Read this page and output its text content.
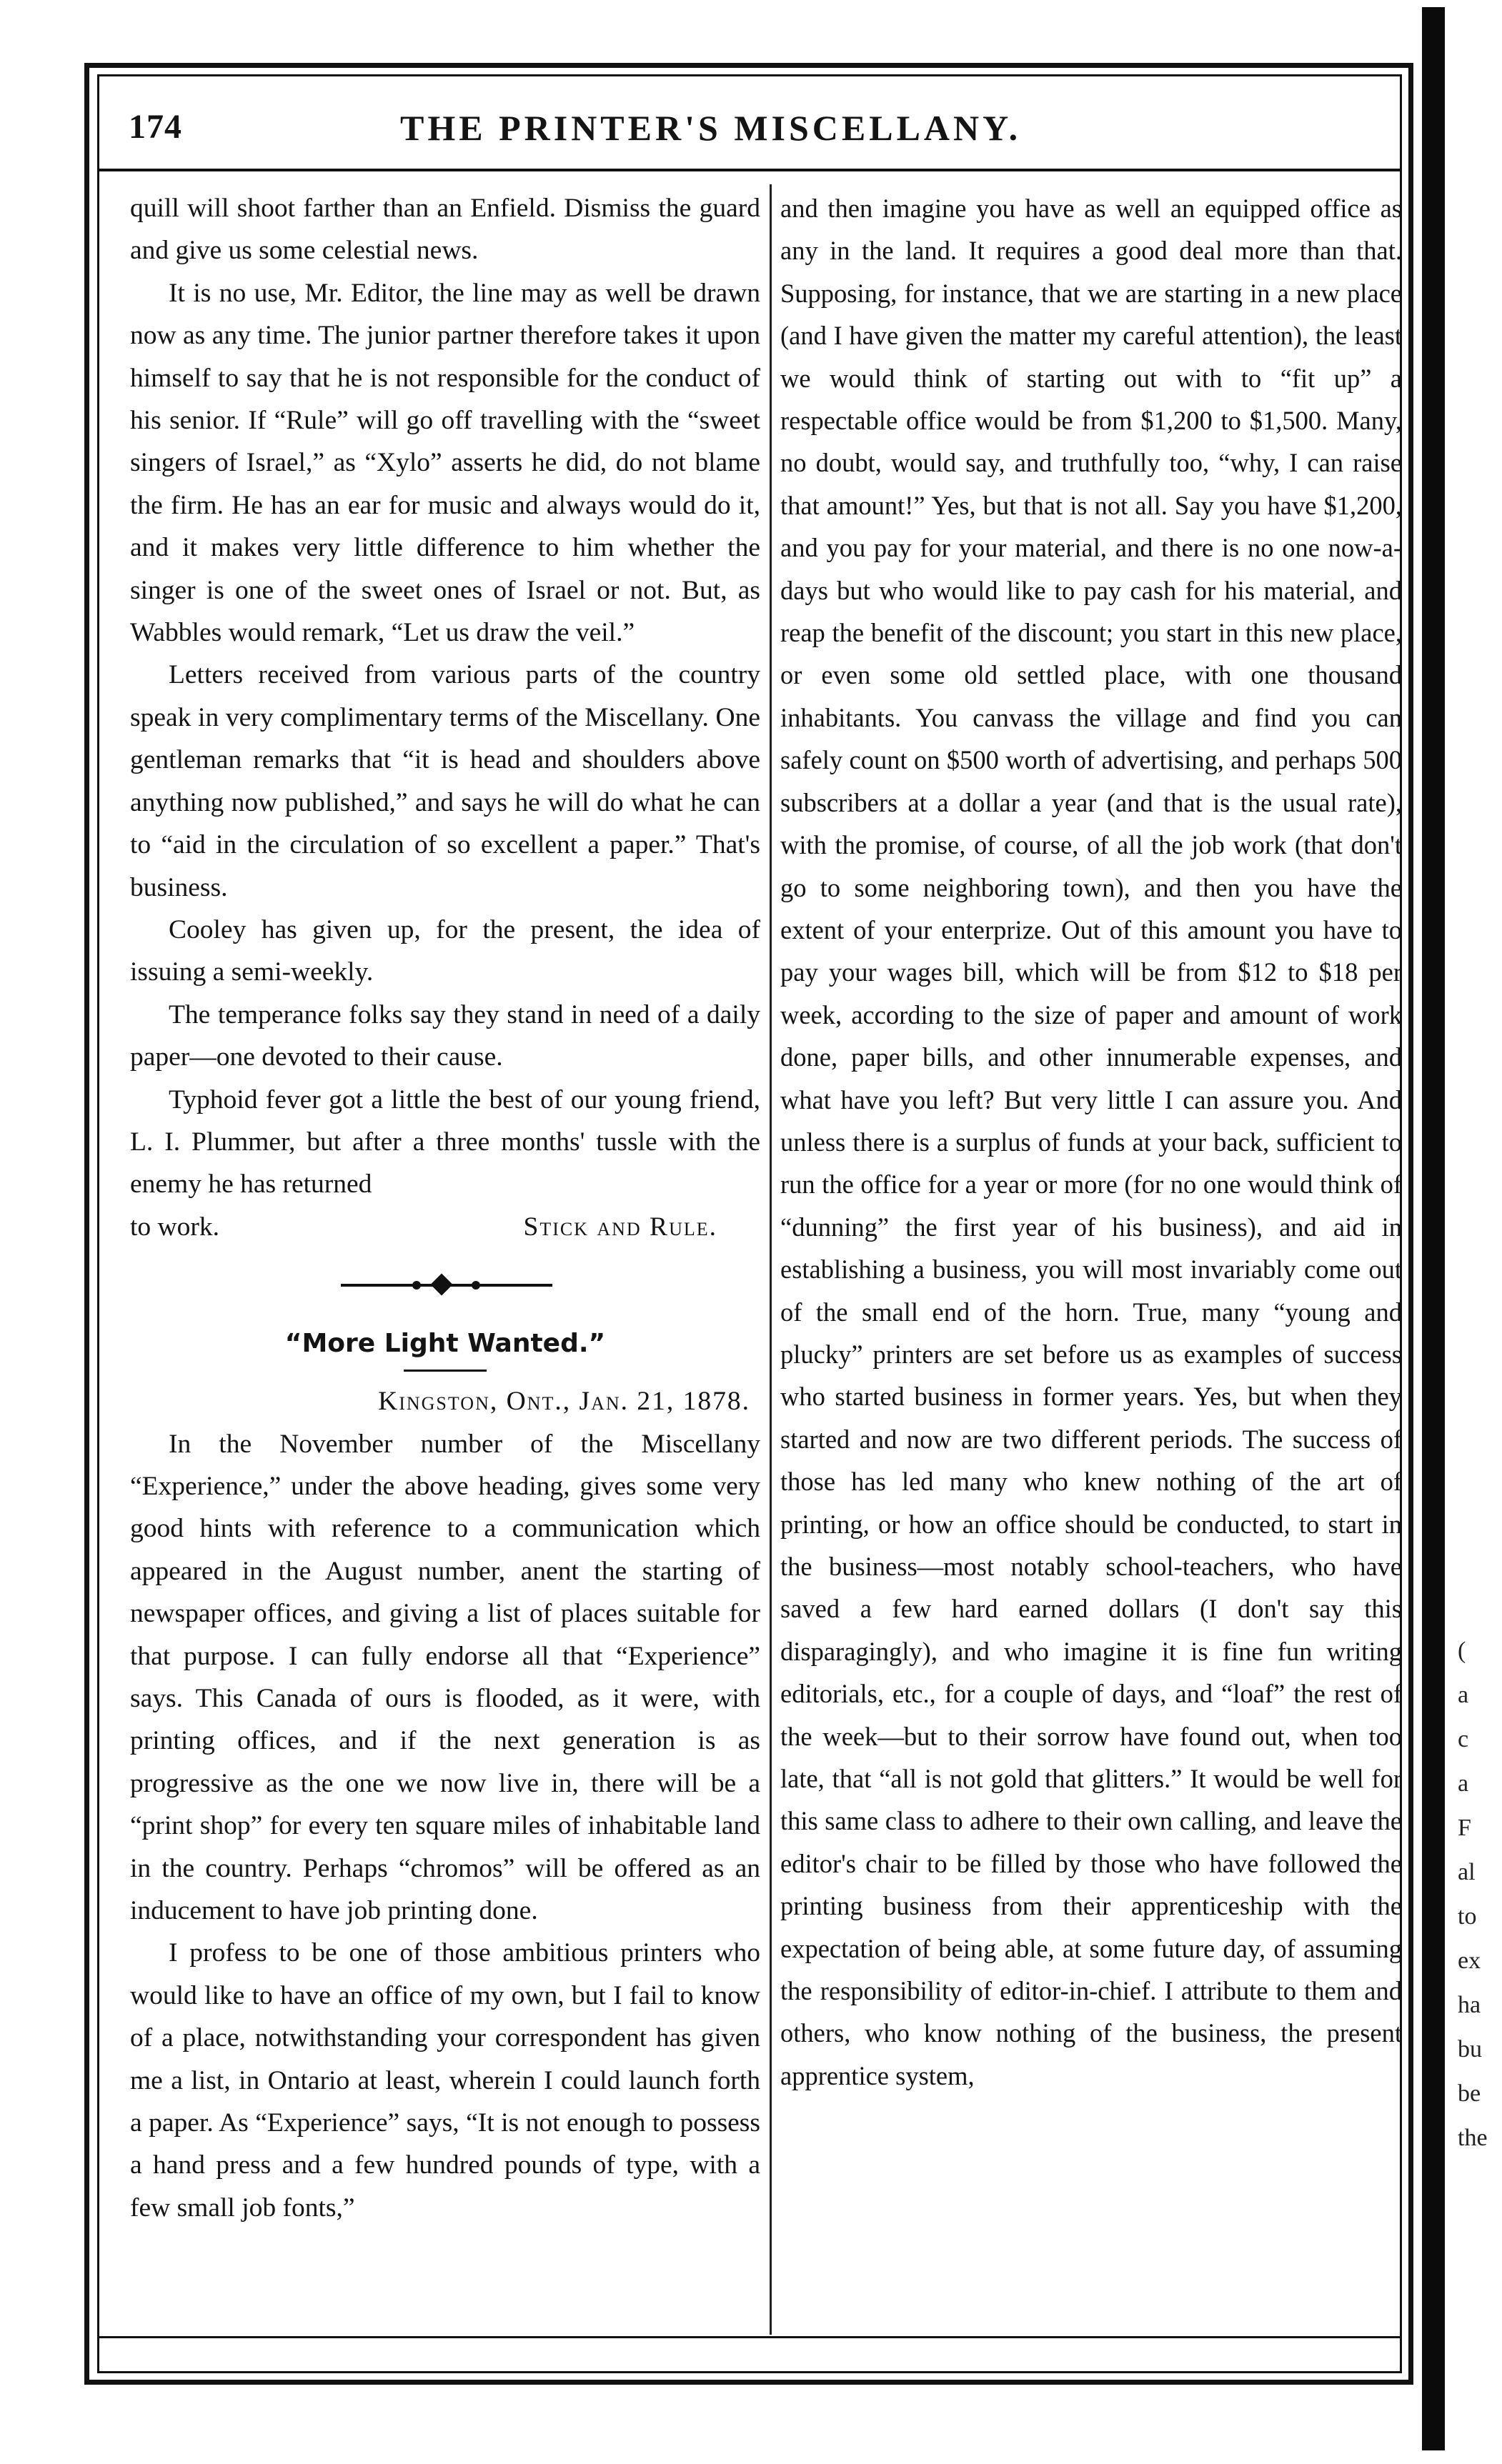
174	THE PRINTER'S MISCELLANY.

quill will shoot farther than an Enfield. Dismiss the guard and give us some celestial news.

It is no use, Mr. Editor, the line may as well be drawn now as any time. The junior partner therefore takes it upon himself to say that he is not responsible for the conduct of his senior. If “Rule” will go off travelling with the “sweet singers of Israel,” as “Xylo” asserts he did, do not blame the firm. He has an ear for music and always would do it, and it makes very little difference to him whether the singer is one of the sweet ones of Israel or not. But, as Wabbles would remark, “Let us draw the veil.”

Letters received from various parts of the country speak in very complimentary terms of the Miscellany. One gentleman remarks that “it is head and shoulders above anything now published,” and says he will do what he can to “aid in the circulation of so excellent a paper.” That's business.

Cooley has given up, for the present, the idea of issuing a semi-weekly.

The temperance folks say they stand in need of a daily paper—one devoted to their cause.

Typhoid fever got a little the best of our young friend, L. I. Plummer, but after a three months' tussle with the enemy he has returned

to work.	Stick and Rule.

“More Light Wanted.”

Kingston, Ont., Jan. 21, 1878.

In the November number of the Miscellany “Experience,” under the above heading, gives some very good hints with reference to a communication which appeared in the August number, anent the starting of newspaper offices, and giving a list of places suitable for that purpose. I can fully endorse all that “Experience” says. This Canada of ours is flooded, as it were, with printing offices, and if the next generation is as progressive as the one we now live in, there will be a “print shop” for every ten square miles of inhabitable land in the country. Perhaps “chromos” will be offered as an inducement to have job printing done.

I profess to be one of those ambitious printers who would like to have an office of my own, but I fail to know of a place, notwithstanding your correspondent has given me a list, in Ontario at least, wherein I could launch forth a paper. As “Experience” says, “It is not enough to possess a hand press and a few hundred pounds of type, with a few small job fonts,”

and then imagine you have as well an equipped office as any in the land. It requires a good deal more than that. Supposing, for instance, that we are starting in a new place (and I have given the matter my careful attention), the least we would think of starting out with to “fit up” a respectable office would be from $1,200 to $1,500. Many, no doubt, would say, and truthfully too, “why, I can raise that amount!” Yes, but that is not all. Say you have $1,200, and you pay for your material, and there is no one now-a-days but who would like to pay cash for his material, and reap the benefit of the discount; you start in this new place, or even some old settled place, with one thousand inhabitants. You canvass the village and find you can safely count on $500 worth of advertising, and perhaps 500 subscribers at a dollar a year (and that is the usual rate), with the promise, of course, of all the job work (that don't go to some neighboring town), and then you have the extent of your enterprize. Out of this amount you have to pay your wages bill, which will be from $12 to $18 per week, according to the size of paper and amount of work done, paper bills, and other innumerable expenses, and what have you left? But very little I can assure you. And unless there is a surplus of funds at your back, sufficient to run the office for a year or more (for no one would think of “dunning” the first year of his business), and aid in establishing a business, you will most invariably come out of the small end of the horn. True, many “young and plucky” printers are set before us as examples of success who started business in former years. Yes, but when they started and now are two different periods. The success of those has led many who knew nothing of the art of printing, or how an office should be conducted, to start in the business—most notably school-teachers, who have saved a few hard earned dollars (I don't say this disparagingly), and who imagine it is fine fun writing editorials, etc., for a couple of days, and “loaf” the rest of the week—but to their sorrow have found out, when too late, that “all is not gold that glitters.” It would be well for this same class to adhere to their own calling, and leave the editor's chair to be filled by those who have followed the printing business from their apprenticeship with the expectation of being able, at some future day, of assuming the responsibility of editor-in-chief. I attribute to them and others, who know nothing of the business, the present apprentice system,

(
a
c
a
F
al
to
ex
ha
bu
be
the
